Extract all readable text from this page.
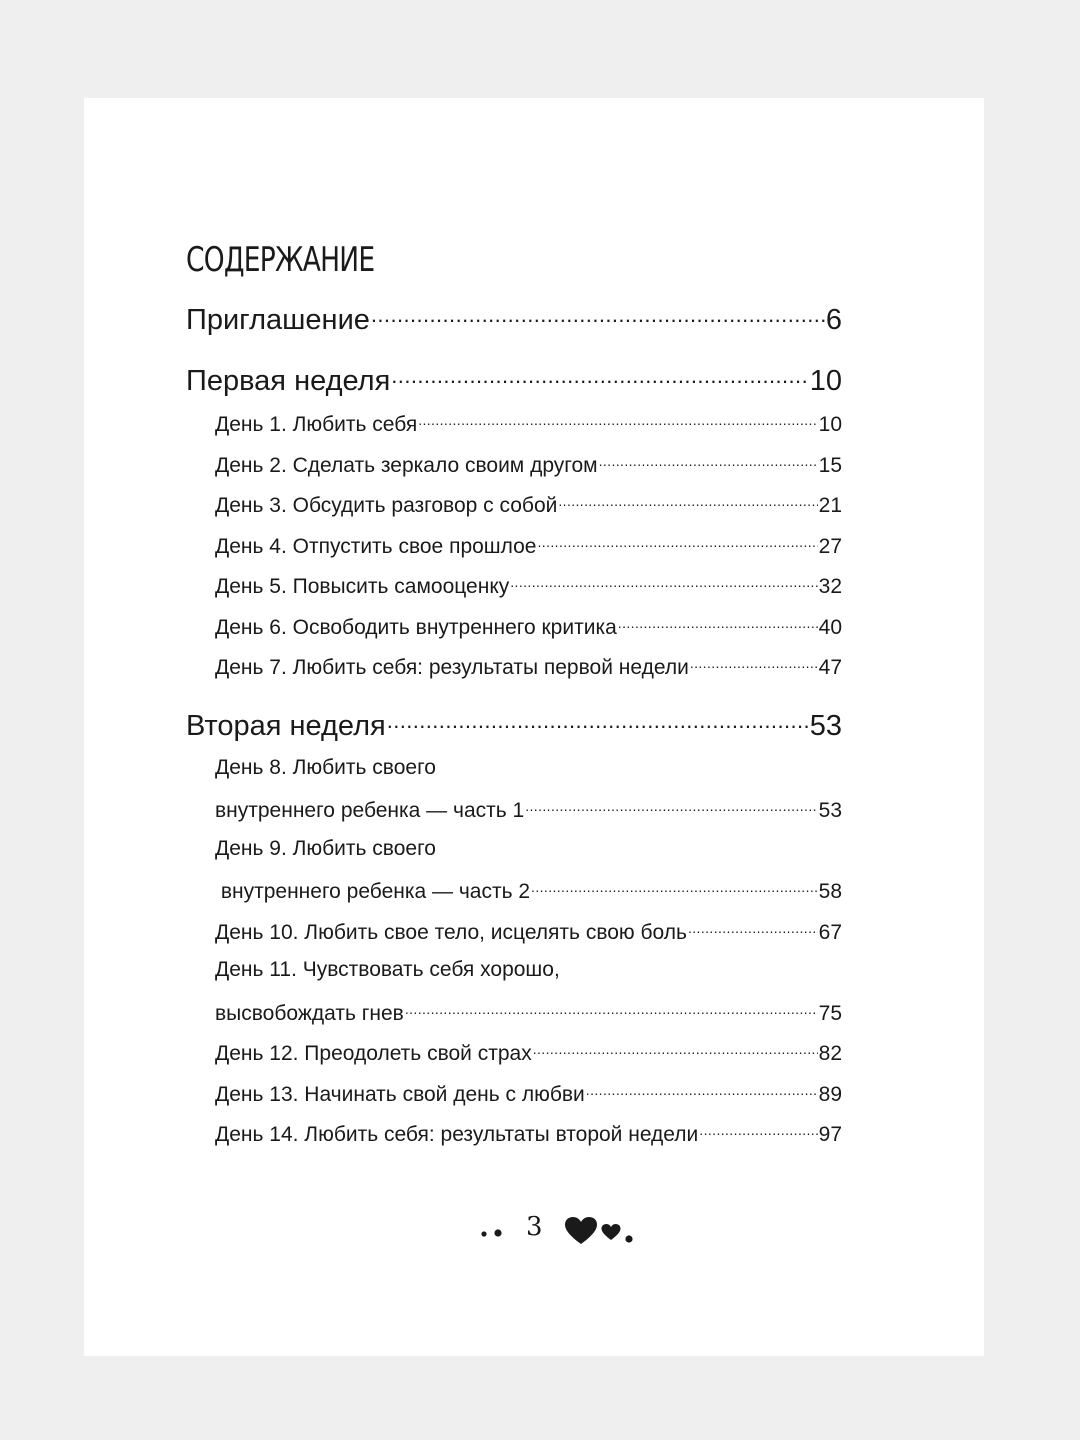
СОДЕРЖАНИЕ
Приглашение .....	6
Первая неделя .....	10
День 1. Любить себя .....	10
День 2. Сделать зеркало своим другом .....	15
День 3. Обсудить разговор с собой .....	21
День 4. Отпустить свое прошлое .....	27
День 5. Повысить самооценку .....	32
День 6. Освободить внутреннего критика .....	40
День 7. Любить себя: результаты первой недели .....	47
Вторая неделя .....	53
День 8. Любить своего
внутреннего ребенка — часть 1 .....	53
День 9. Любить своего
внутреннего ребенка — часть 2 .....	58
День 10. Любить свое тело, исцелять свою боль .....	67
День 11. Чувствовать себя хорошо,
высвобождать гнев .....	75
День 12. Преодолеть свой страх .....	82
День 13. Начинать свой день с любви .....	89
День 14. Любить себя: результаты второй недели .....	97
3
